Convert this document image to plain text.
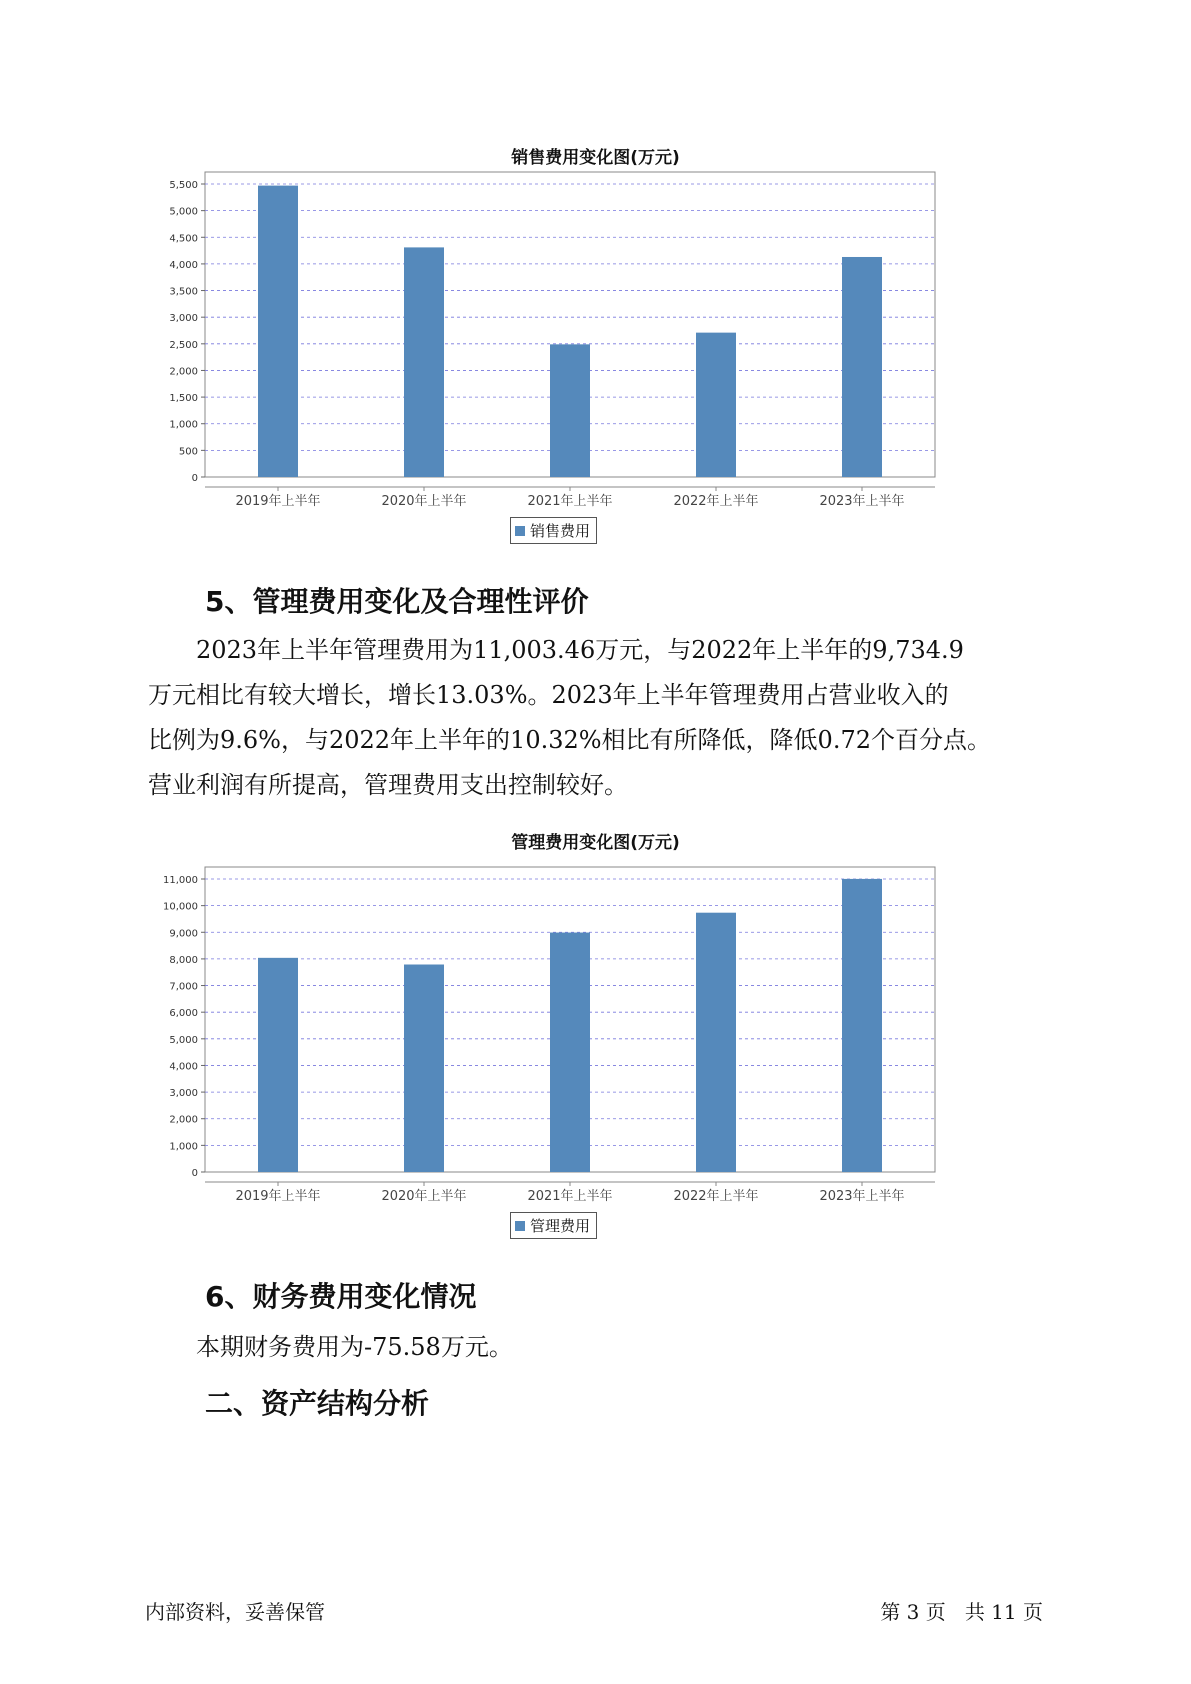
销售费用变化图(万元)
0
500
1,000
1,500
2,000
2,500
3,000
3,500
4,000
4,500
5,000
5,500
2019年上半年	2020年上半年	2021年上半年	2022年上半年	2023年上半年
销售费用
5、管理费用变化及合理性评价
2023年上半年管理费用为11,003.46万元，与2022年上半年的9,734.9
万元相比有较大增长，增长13.03%。2023年上半年管理费用占营业收入的
比例为9.6%，与2022年上半年的10.32%相比有所降低，降低0.72个百分点。
营业利润有所提高，管理费用支出控制较好。
管理费用变化图(万元)
0
1,000
2,000
3,000
4,000
5,000
6,000
7,000
8,000
9,000
10,000
11,000
2019年上半年	2020年上半年	2021年上半年	2022年上半年	2023年上半年
管理费用
6、财务费用变化情况
本期财务费用为-75.58万元。
二、资产结构分析
内部资料，妥善保管	第 3 页   共 11 页
